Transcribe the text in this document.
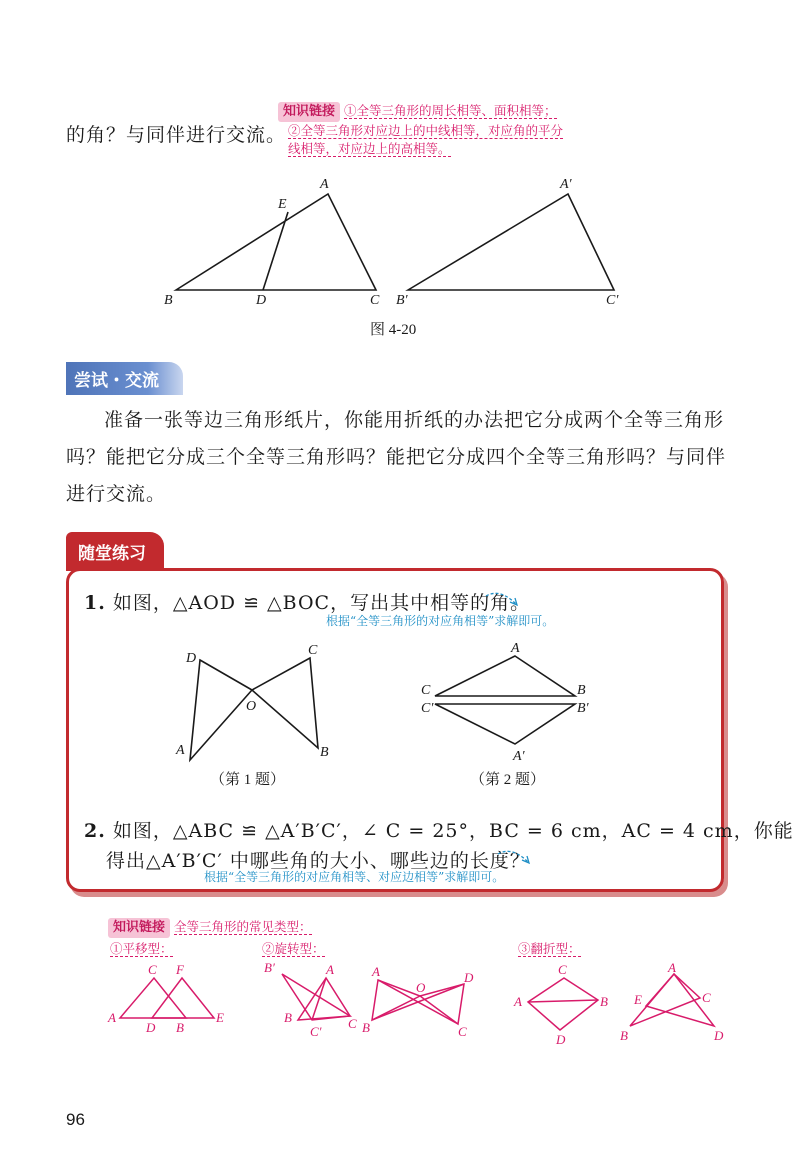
的角？与同伴进行交流。
知识链接 ①全等三角形的周长相等、面积相等；
②全等三角形对应边上的中线相等，对应角的平分
线相等，对应边上的高相等。
A
E
B	D	C
A′
B′	C′
图 4-20
尝试・交流
准备一张等边三角形纸片，你能用折纸的办法把它分成两个全等三角形吗？能把它分成三个全等三角形吗？能把它分成四个全等三角形吗？与同伴进行交流。
随堂练习
1. 如图，△AOD ≌ △BOC，写出其中相等的角。
根据“全等三角形的对应角相等”求解即可。
D
C
O
A	B
（第 1 题）
A
C	B
C′	B′
A′
（第 2 题）
2. 如图，△ABC ≌ △A′B′C′，∠ C = 25°，BC = 6 cm，AC = 4 cm，你能
得出△A′B′C′ 中哪些角的大小、哪些边的长度？
根据“全等三角形的对应角相等、对应边相等”求解即可。
知识链接 全等三角形的常见类型：
①平移型：	②旋转型：	③翻折型：
A
C F
D B
E
B′	A
B
C′
C
A
O
D
B	C
C
A	B
D
A
E	C
B	D
96
